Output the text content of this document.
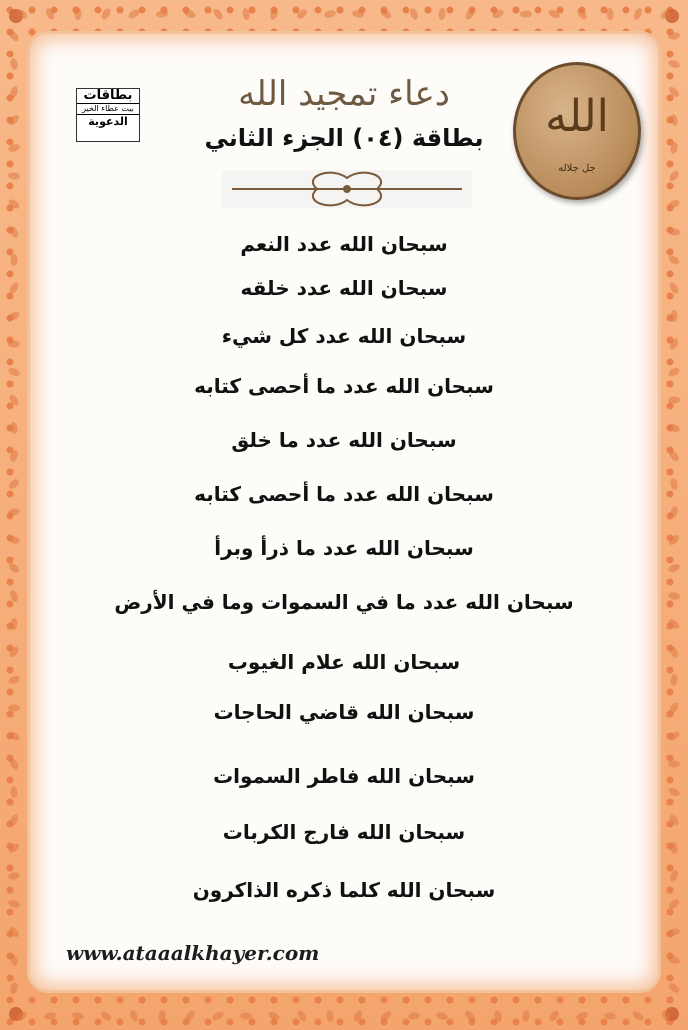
بطاقات
بيت عطاء الخير
الدعوية	الله
جل جلاله
دعاء تمجيد الله
بطاقة (٠٤) الجزء الثاني
سبحان الله عدد النعم
سبحان الله عدد خلقه
سبحان الله عدد كل شيء
سبحان الله عدد ما أحصى كتابه
سبحان الله عدد ما خلق
سبحان الله عدد ما أحصى كتابه
سبحان الله عدد ما ذرأ وبرأ
سبحان الله عدد ما في السموات وما في الأرض
سبحان الله علام الغيوب
سبحان الله قاضي الحاجات
سبحان الله فاطر السموات
سبحان الله فارج الكربات
سبحان الله كلما ذكره الذاكرون
www.ataaalkhayer.com
